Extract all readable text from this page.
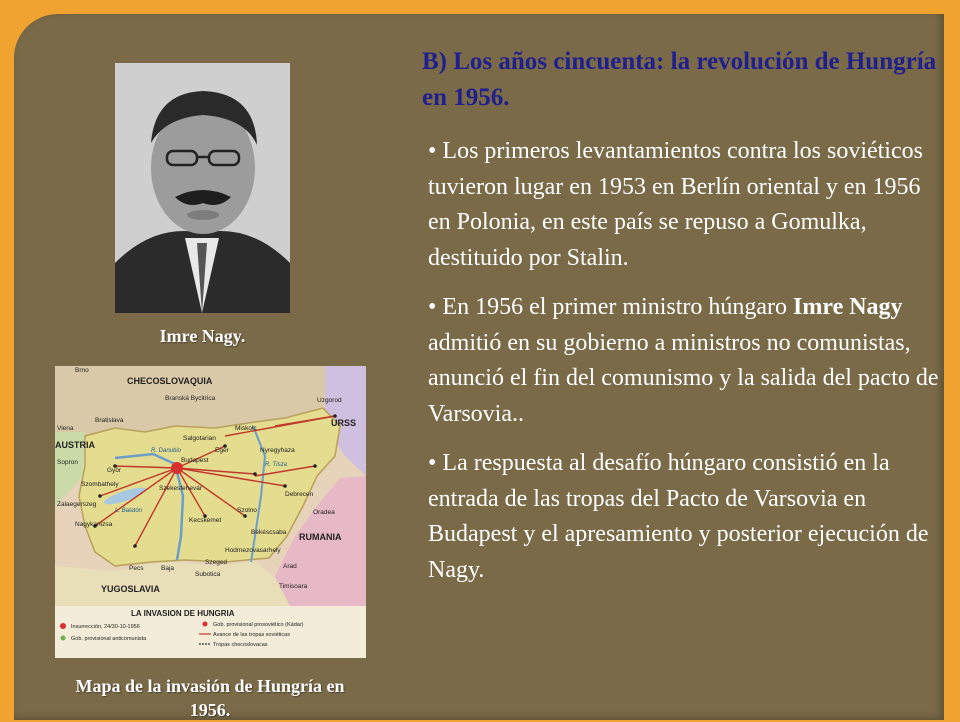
Imre Nagy.
Brno
Branská Bycitrica
Bratislava
Viena
Uzgorod
Salgotarian
Miskolc
Eger	Nyregyhaza
Györ
Budapest
Debrecen
Sopron
Szombathely
Szekesfehevár
Szolno
Kecskemet
Oradea
Békéscsaba
Zalaegerszeg
Nagykanizsa
Hodmezovasarhely
Szeged
Arad
Pecs	Baja
Subotica
Timisoara
R. Danubio
R. Tisza
L. Balatón
CHECOSLOVAQUIA
URSS
AUSTRIA
RUMANIA
YUGOSLAVIA
LA INVASION DE HUNGRIA
Insurrección, 24/30-10-1956
Gob. provisional anticomunista
Gob. provisional prosoviético (Kádar)
Avance de las tropas soviéticas
Tropas checoslovacas
Mapa de la invasión de Hungría en 1956.
B) Los años cincuenta: la revolución de Hungría en 1956.

• Los primeros levantamientos contra los soviéticos tuvieron lugar en 1953 en Berlín oriental y en 1956 en Polonia, en este país se repuso a Gomulka, destituido por Stalin.

• En 1956 el primer ministro húngaro Imre Nagy admitió en su gobierno a ministros no comunistas, anunció el fin del comunismo y la salida del pacto de Varsovia..

• La respuesta al desafío húngaro consistió en la entrada de las tropas del Pacto de Varsovia en Budapest y el apresamiento y posterior ejecución de Nagy.
